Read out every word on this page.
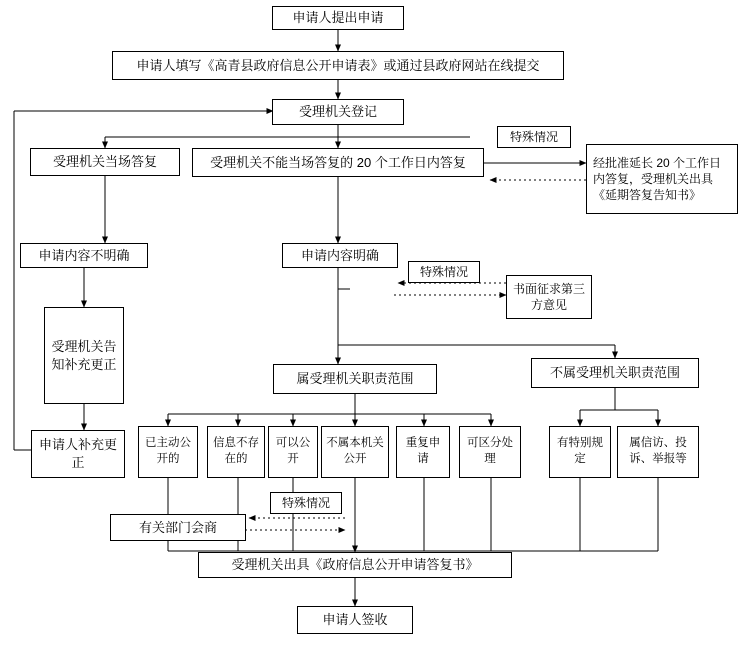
申请人提出申请
申请人填写《高青县政府信息公开申请表》或通过县政府网站在线提交
受理机关登记
受理机关当场答复	受理机关不能当场答复的 20 个工作日内答复
特殊情况
经批准延长 20 个工作日内答复，受理机关出具《延期答复告知书》
申请内容不明确	申请内容明确
特殊情况
书面征求第三方意见
受理机关告知补充更正
属受理机关职责范围	不属受理机关职责范围
申请人补充更正
已主动公开的
信息不存在的
可以公开
不属本机关公开
重复申请
可区分处理
有特别规定
属信访、投诉、举报等
特殊情况
有关部门会商
受理机关出具《政府信息公开申请答复书》
申请人签收
